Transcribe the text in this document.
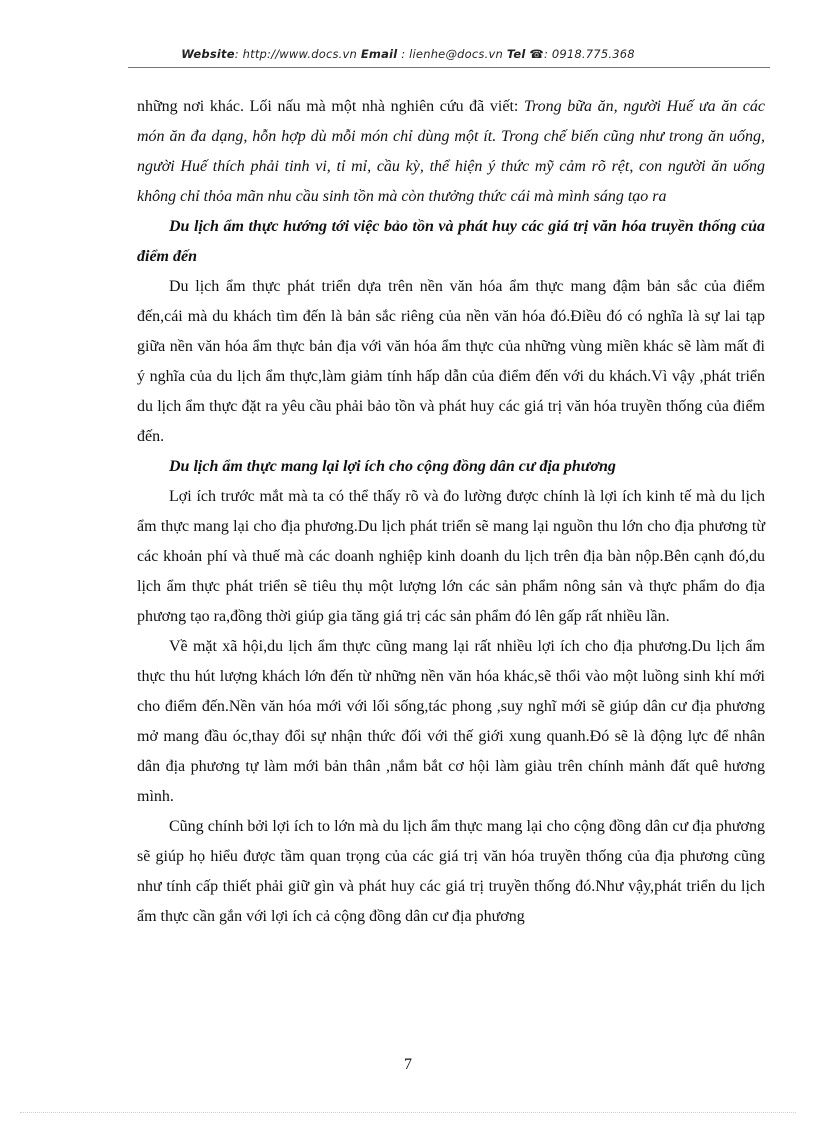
Website: http://www.docs.vn Email : lienhe@docs.vn Tel ☎: 0918.775.368

những nơi khác. Lối nấu mà một nhà nghiên cứu đã viết: Trong bữa ăn, người Huế ưa ăn các món ăn đa dạng, hỗn hợp dù mỗi món chỉ dùng một ít. Trong chế biến cũng như trong ăn uống, người Huế thích phải tinh vi, tỉ mỉ, cầu kỳ, thể hiện ý thức mỹ cảm rõ rệt, con người ăn uống không chỉ thỏa mãn nhu cầu sinh tồn mà còn thưởng thức cái mà mình sáng tạo ra

Du lịch ẩm thực hướng tới việc bảo tồn và phát huy các giá trị văn hóa truyền thống của điểm đến

Du lịch ẩm thực phát triển dựa trên nền văn hóa ẩm thực mang đậm bản sắc của điểm đến,cái mà du khách tìm đến là bản sắc riêng của nền văn hóa đó.Điều đó có nghĩa là sự lai tạp giữa nền văn hóa ẩm thực bản địa với văn hóa ẩm thực của những vùng miền khác sẽ làm mất đi ý nghĩa của du lịch ẩm thực,làm giảm tính hấp dẫn của điểm đến với du khách.Vì vậy ,phát triển du lịch ẩm thực đặt ra yêu cầu phải bảo tồn và phát huy các giá trị văn hóa truyền thống của điểm đến.

Du lịch ẩm thực mang lại lợi ích cho cộng đồng dân cư địa phương

Lợi ích trước mắt mà ta có thể thấy rõ và đo lường được chính là lợi ích kinh tế mà du lịch ẩm thực mang lại cho địa phương.Du lịch phát triển sẽ mang lại nguồn thu lớn cho địa phương từ các khoản phí và thuế mà các doanh nghiệp kinh doanh du lịch trên địa bàn nộp.Bên cạnh đó,du lịch ẩm thực phát triển sẽ tiêu thụ một lượng lớn các sản phẩm nông sản và thực phẩm do địa phương tạo ra,đồng thời giúp gia tăng giá trị các sản phẩm đó lên gấp rất nhiều lần.

Về mặt xã hội,du lịch ẩm thực cũng mang lại rất nhiều lợi ích cho địa phương.Du lịch ẩm thực thu hút lượng khách lớn đến từ những nền văn hóa khác,sẽ thổi vào một luồng sinh khí mới cho điểm đến.Nền văn hóa mới với lối sống,tác phong ,suy nghĩ mới sẽ giúp dân cư địa phương mở mang đầu óc,thay đổi sự nhận thức đối với thế giới xung quanh.Đó sẽ là động lực để nhân dân địa phương tự làm mới bản thân ,nắm bắt cơ hội làm giàu trên chính mảnh đất quê hương mình.

Cũng chính bởi lợi ích to lớn mà du lịch ẩm thực mang lại cho cộng đồng dân cư địa phương sẽ giúp họ hiểu được tầm quan trọng của các giá trị văn hóa truyền thống của địa phương cũng như tính cấp thiết phải giữ gìn và phát huy các giá trị truyền thống đó.Như vậy,phát triển du lịch ẩm thực cần gắn với lợi ích cả cộng đồng dân cư địa phương

7
